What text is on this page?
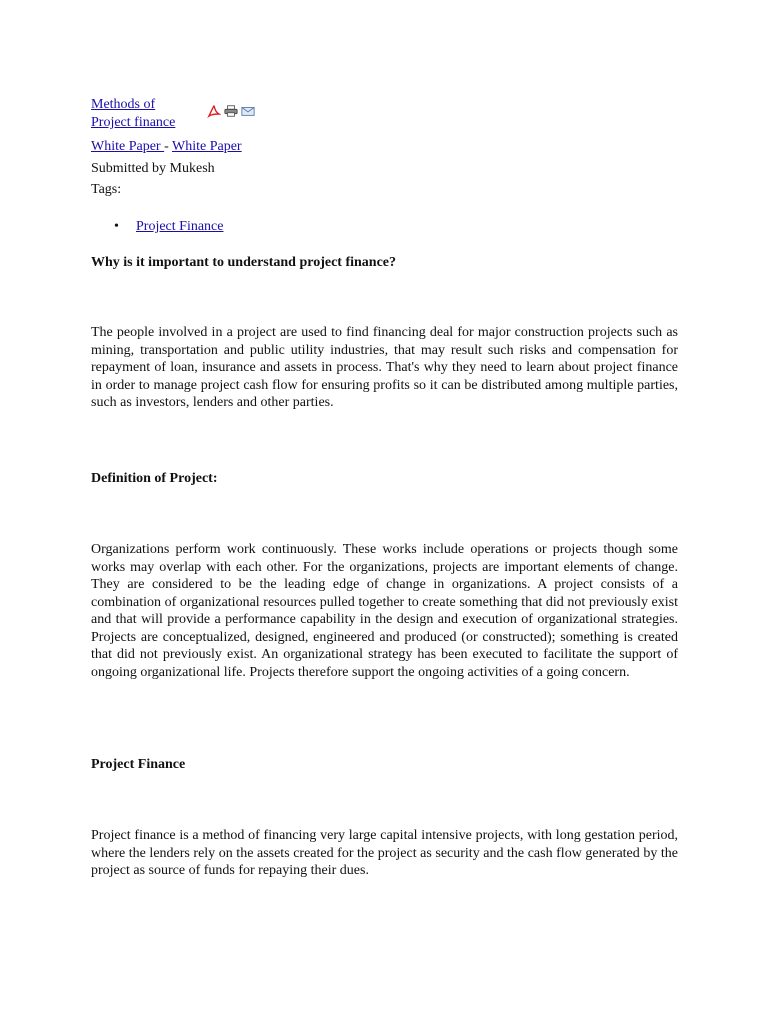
Methods of
Project finance
White Paper - White Paper
Submitted by Mukesh
Tags:
• Project Finance
Why is it important to understand project finance?

The people involved in a project are used to find financing deal for major construction projects such as mining, transportation and public utility industries, that may result such risks and compensation for repayment of loan, insurance and assets in process. That's why they need to learn about project finance in order to manage project cash flow for ensuring profits so it can be distributed among multiple parties, such as investors, lenders and other parties.

Definition of Project:

Organizations perform work continuously. These works include operations or projects though some works may overlap with each other. For the organizations, projects are important elements of change. They are considered to be the leading edge of change in organizations. A project consists of a combination of organizational resources pulled together to create something that did not previously exist and that will provide a performance capability in the design and execution of organizational strategies. Projects are conceptualized, designed, engineered and produced (or constructed); something is created that did not previously exist. An organizational strategy has been executed to facilitate the support of ongoing organizational life. Projects therefore support the ongoing activities of a going concern.

Project Finance

Project finance is a method of financing very large capital intensive projects, with long gestation period, where the lenders rely on the assets created for the project as security and the cash flow generated by the project as source of funds for repaying their dues.
